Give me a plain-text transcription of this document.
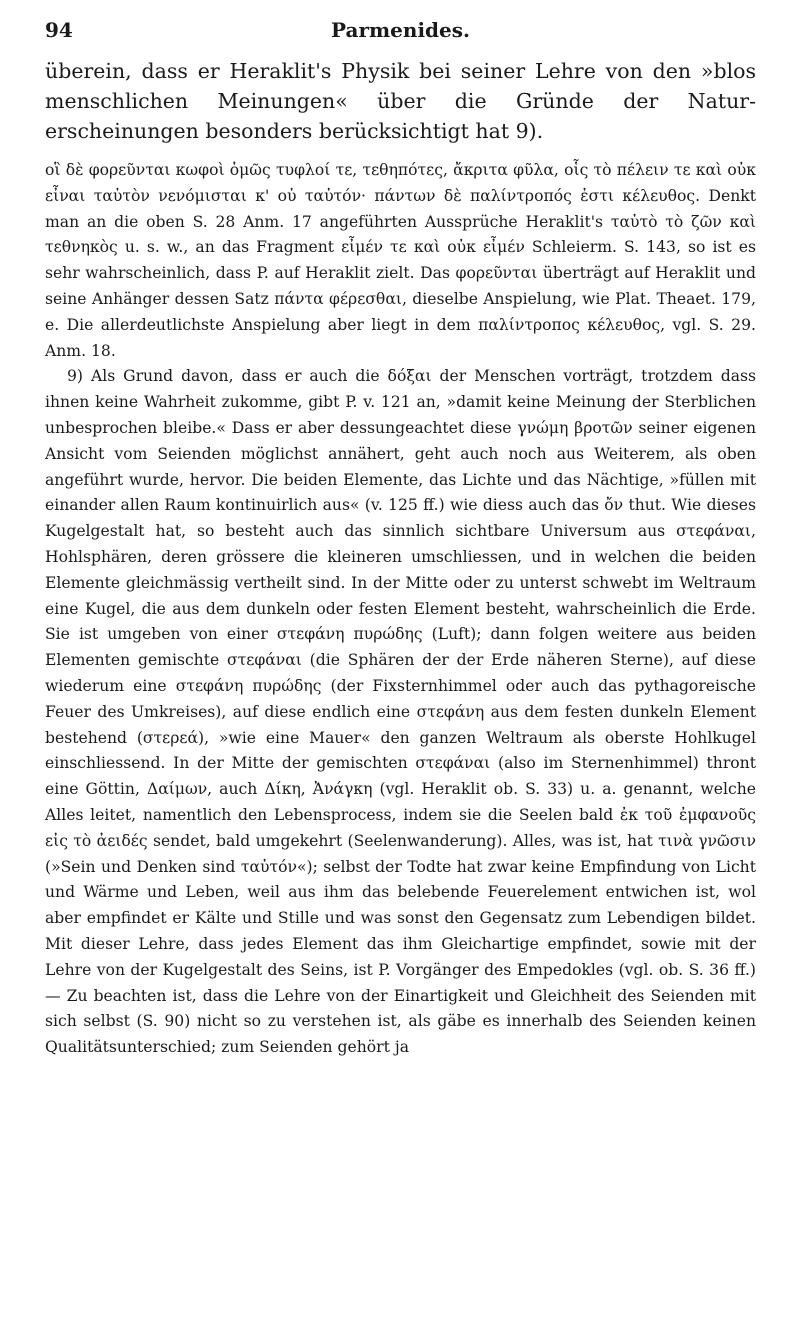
94	Parmenides.
überein, dass er Heraklit's Physik bei seiner Lehre von den »blos menschlichen Meinungen« über die Gründe der Natur-erscheinungen besonders berücksichtigt hat 9).

οἳ δὲ φορεῦνται κωφοὶ ὁμῶς τυφλοί τε, τεθηπότες, ἄκριτα φῦλα, οἷς τὸ πέλειν τε καὶ οὐκ εἶναι ταὐτὸν νενόμισται κ' οὐ ταὐτόν· πάντων δὲ παλίντροπός ἐστι κέλευθος. Denkt man an die oben S. 28 Anm. 17 angeführten Aussprüche Heraklit's ταὐτὸ τὸ ζῶν καὶ τεθνηκὸς u. s. w., an das Fragment εἶμέν τε καὶ οὐκ εἶμέν Schleierm. S. 143, so ist es sehr wahrscheinlich, dass P. auf Heraklit zielt. Das φορεῦνται überträgt auf Heraklit und seine Anhänger dessen Satz πάντα φέρεσθαι, dieselbe Anspielung, wie Plat. Theaet. 179, e. Die allerdeutlichste Anspielung aber liegt in dem παλίντροπος κέλευθος, vgl. S. 29. Anm. 18.

9) Als Grund davon, dass er auch die δόξαι der Menschen vorträgt, trotzdem dass ihnen keine Wahrheit zukomme, gibt P. v. 121 an, »damit keine Meinung der Sterblichen unbesprochen bleibe.« Dass er aber dessungeachtet diese γνώμη βροτῶν seiner eigenen Ansicht vom Seienden möglichst annähert, geht auch noch aus Weiterem, als oben angeführt wurde, hervor. Die beiden Elemente, das Lichte und das Nächtige, »füllen mit einander allen Raum kontinuirlich aus« (v. 125 ff.) wie diess auch das ὄν thut. Wie dieses Kugelgestalt hat, so besteht auch das sinnlich sichtbare Universum aus στεφάναι, Hohlsphären, deren grössere die kleineren umschliessen, und in welchen die beiden Elemente gleichmässig vertheilt sind. In der Mitte oder zu unterst schwebt im Weltraum eine Kugel, die aus dem dunkeln oder festen Element besteht, wahrscheinlich die Erde. Sie ist umgeben von einer στεφάνη πυρώδης (Luft); dann folgen weitere aus beiden Elementen gemischte στεφάναι (die Sphären der der Erde näheren Sterne), auf diese wiederum eine στεφάνη πυρώδης (der Fixsternhimmel oder auch das pythagoreische Feuer des Umkreises), auf diese endlich eine στεφάνη aus dem festen dunkeln Element bestehend (στερεά), »wie eine Mauer« den ganzen Weltraum als oberste Hohlkugel einschliessend. In der Mitte der gemischten στεφάναι (also im Sternenhimmel) thront eine Göttin, Δαίμων, auch Δίκη, Ἀνάγκη (vgl. Heraklit ob. S. 33) u. a. genannt, welche Alles leitet, namentlich den Lebensprocess, indem sie die Seelen bald ἐκ τοῦ ἐμφανοῦς εἰς τὸ ἀειδές sendet, bald umgekehrt (Seelenwanderung). Alles, was ist, hat τινὰ γνῶσιν (»Sein und Denken sind ταὐτόν«); selbst der Todte hat zwar keine Empfindung von Licht und Wärme und Leben, weil aus ihm das belebende Feuerelement entwichen ist, wol aber empfindet er Kälte und Stille und was sonst den Gegensatz zum Lebendigen bildet. Mit dieser Lehre, dass jedes Element das ihm Gleichartige empfindet, sowie mit der Lehre von der Kugelgestalt des Seins, ist P. Vorgänger des Empedokles (vgl. ob. S. 36 ff.) — Zu beachten ist, dass die Lehre von der Einartigkeit und Gleichheit des Seienden mit sich selbst (S. 90) nicht so zu verstehen ist, als gäbe es innerhalb des Seienden keinen Qualitätsunterschied; zum Seienden gehört ja
